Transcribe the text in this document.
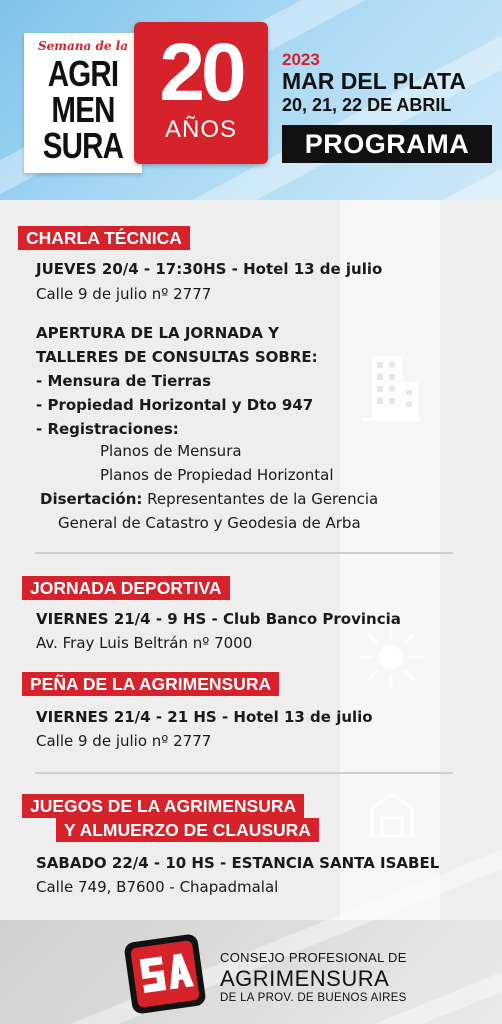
Semana de la
AGRI
MEN
SURA
20
AÑOS
2023
MAR DEL PLATA
20, 21, 22 DE ABRIL
PROGRAMA
CHARLA TÉCNICA
JUEVES 20/4 - 17:30HS - Hotel 13 de julio
Calle 9 de julio nº 2777
APERTURA DE LA JORNADA Y
TALLERES DE CONSULTAS SOBRE:
- Mensura de Tierras
- Propiedad Horizontal y Dto 947
- Registraciones:
Planos de Mensura
Planos de Propiedad Horizontal
Disertación: Representantes de la Gerencia
General de Catastro y Geodesia de Arba
JORNADA DEPORTIVA
VIERNES 21/4 - 9 HS - Club Banco Provincia
Av. Fray Luis Beltrán nº 7000
PEÑA DE LA AGRIMENSURA
VIERNES 21/4 - 21 HS - Hotel 13 de julio
Calle 9 de julio nº 2777
JUEGOS DE LA AGRIMENSURA
Y ALMUERZO DE CLAUSURA
SABADO 22/4 - 10 HS - ESTANCIA SANTA ISABEL
Calle 749, B7600 - Chapadmalal
CONSEJO PROFESIONAL DE
AGRIMENSURA
DE LA PROV. DE BUENOS AIRES
